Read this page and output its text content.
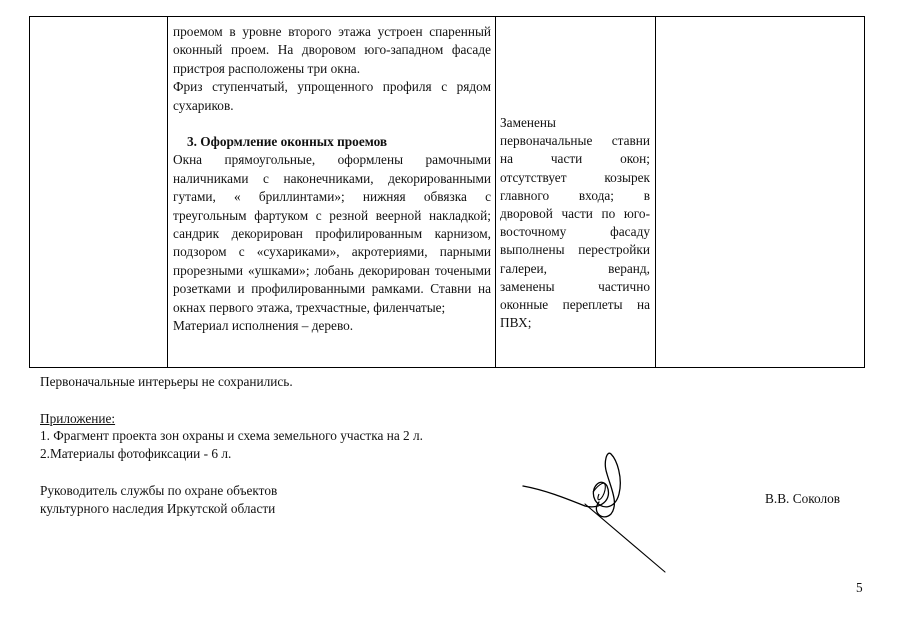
проемом в уровне второго этажа устроен спаренный оконный проем. На дворовом юго-западном фасаде пристроя расположены три окна.

Фриз ступенчатый, упрощенного профиля с рядом сухариков.

3. Оформление оконных проемов

Окна прямоугольные, оформлены рамочными наличниками с наконечниками, декорированными гутами, « бриллинтами»; нижняя обвязка с треугольным фартуком с резной веерной накладкой; сандрик декорирован профилированным карнизом, подзором с «сухариками», акротериями, парными прорезными «ушками»; лобань декорирован точеными розетками и профилированными рамками. Ставни на окнах первого этажа, трехчастные, филенчатые;

Материал исполнения – дерево.

Заменены первоначальные ставни на части окон; отсутствует козырек главного входа; в дворовой части по юго-восточному фасаду выполнены перестройки галереи, веранд, заменены частично оконные переплеты на ПВХ;

Первоначальные интерьеры не сохранились.
Приложение:
1. Фрагмент проекта зон охраны и схема земельного участка на 2 л.
2.Материалы фотофиксации - 6 л.
Руководитель службы по охране объектов
культурного наследия Иркутской области
В.В. Соколов
5
